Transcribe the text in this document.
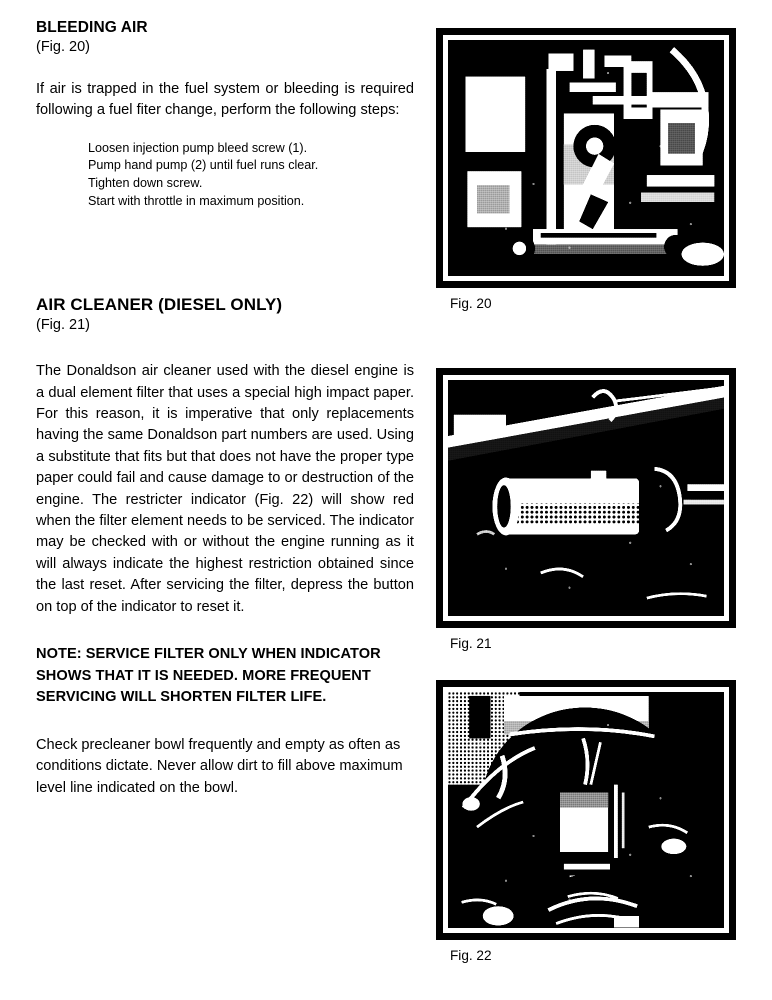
BLEEDING AIR

(Fig. 20)

If air is trapped in the fuel system or bleeding is required following a fuel fiter change, perform the following steps:

Loosen injection pump bleed screw (1).
Pump hand pump (2) until fuel runs clear.
Tighten down screw.
Start with throttle in maximum position.
AIR CLEANER (DIESEL ONLY)

(Fig. 21)

The Donaldson air cleaner used with the diesel engine is a dual element filter that uses a special high impact paper. For this reason, it is imperative that only replacements having the same Donaldson part numbers are used. Using a substitute that fits but that does not have the proper type paper could fail and cause damage to or destruction of the engine. The restricter indicator (Fig. 22) will show red when the filter element needs to be serviced. The indicator may be checked with or without the engine running as it will always indicate the highest restriction obtained since the last reset. After servicing the filter, depress the button on top of the indicator to reset it.

NOTE: SERVICE FILTER ONLY WHEN INDICATOR SHOWS THAT IT IS NEEDED. MORE FREQUENT SERVICING WILL SHORTEN FILTER LIFE.

Check precleaner bowl frequently and empty as often as conditions dictate. Never allow dirt to fill above maximum level line indicated on the bowl.

Fig. 20
Fig. 21
Fig. 22
